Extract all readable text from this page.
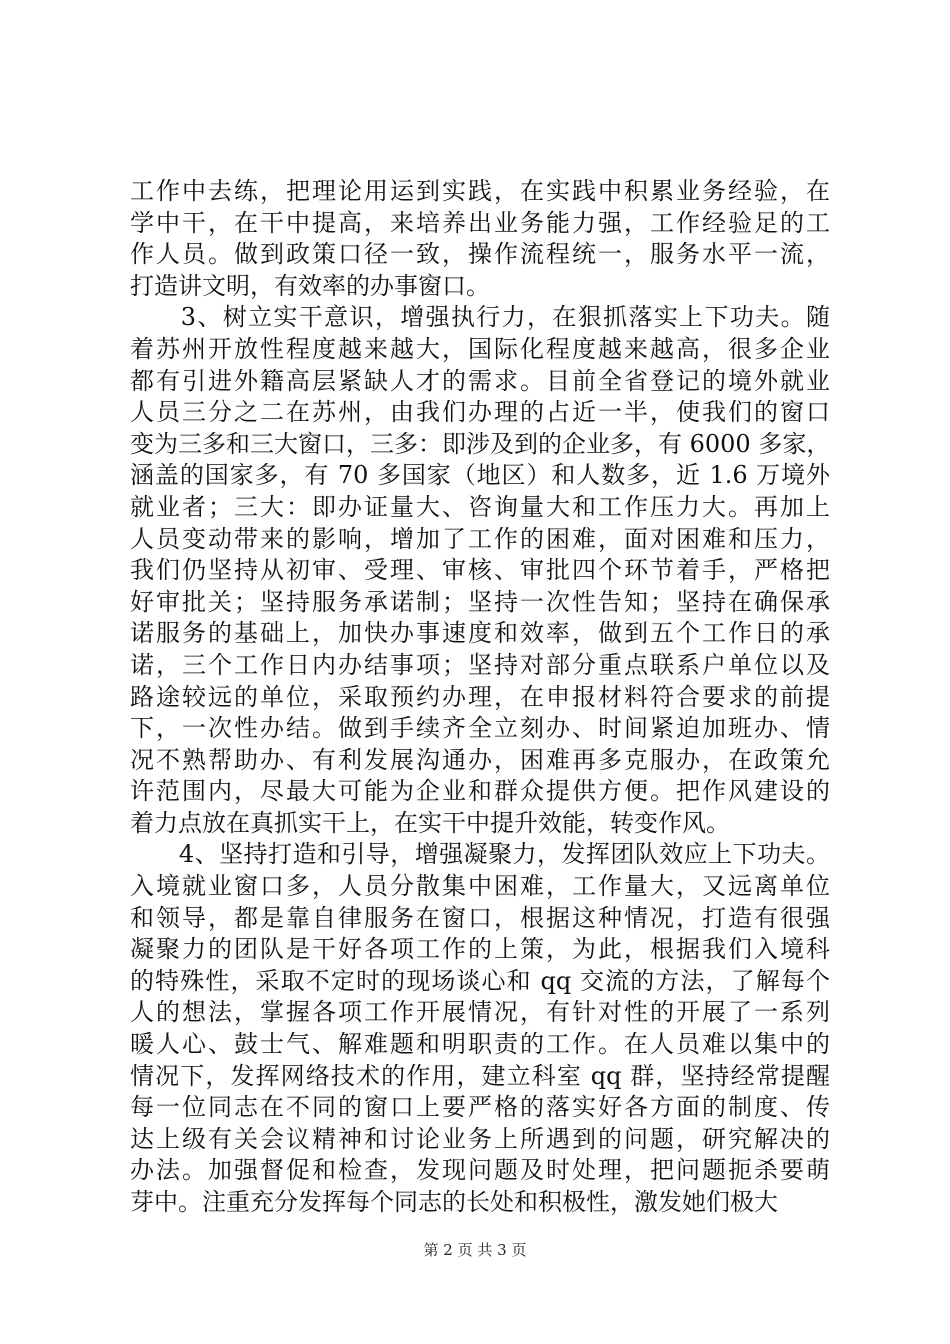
工作中去练，把理论用运到实践，在实践中积累业务经验，在
学中干，在干中提高，来培养出业务能力强，工作经验足的工
作人员。做到政策口径一致，操作流程统一，服务水平一流，
打造讲文明，有效率的办事窗口。
　　3、树立实干意识，增强执行力，在狠抓落实上下功夫。随
着苏州开放性程度越来越大，国际化程度越来越高，很多企业
都有引进外籍高层紧缺人才的需求。目前全省登记的境外就业
人员三分之二在苏州，由我们办理的占近一半，使我们的窗口
变为三多和三大窗口，三多：即涉及到的企业多，有 6000 多家，
涵盖的国家多，有 70 多国家（地区）和人数多，近 1.6 万境外
就业者；三大：即办证量大、咨询量大和工作压力大。再加上
人员变动带来的影响，增加了工作的困难，面对困难和压力，
我们仍坚持从初审、受理、审核、审批四个环节着手，严格把
好审批关；坚持服务承诺制；坚持一次性告知；坚持在确保承
诺服务的基础上，加快办事速度和效率，做到五个工作日的承
诺，三个工作日内办结事项；坚持对部分重点联系户单位以及
路途较远的单位，采取预约办理，在申报材料符合要求的前提
下，一次性办结。做到手续齐全立刻办、时间紧迫加班办、情
况不熟帮助办、有利发展沟通办，困难再多克服办，在政策允
许范围内，尽最大可能为企业和群众提供方便。把作风建设的
着力点放在真抓实干上，在实干中提升效能，转变作风。
　　4、坚持打造和引导，增强凝聚力，发挥团队效应上下功夫。
入境就业窗口多，人员分散集中困难，工作量大，又远离单位
和领导，都是靠自律服务在窗口，根据这种情况，打造有很强
凝聚力的团队是干好各项工作的上策，为此，根据我们入境科
的特殊性，采取不定时的现场谈心和 qq 交流的方法，了解每个
人的想法，掌握各项工作开展情况，有针对性的开展了一系列
暖人心、鼓士气、解难题和明职责的工作。在人员难以集中的
情况下，发挥网络技术的作用，建立科室 qq 群，坚持经常提醒
每一位同志在不同的窗口上要严格的落实好各方面的制度、传
达上级有关会议精神和讨论业务上所遇到的问题，研究解决的
办法。加强督促和检查，发现问题及时处理，把问题扼杀要萌
芽中。注重充分发挥每个同志的长处和积极性，激发她们极大
第 2 页 共 3 页
